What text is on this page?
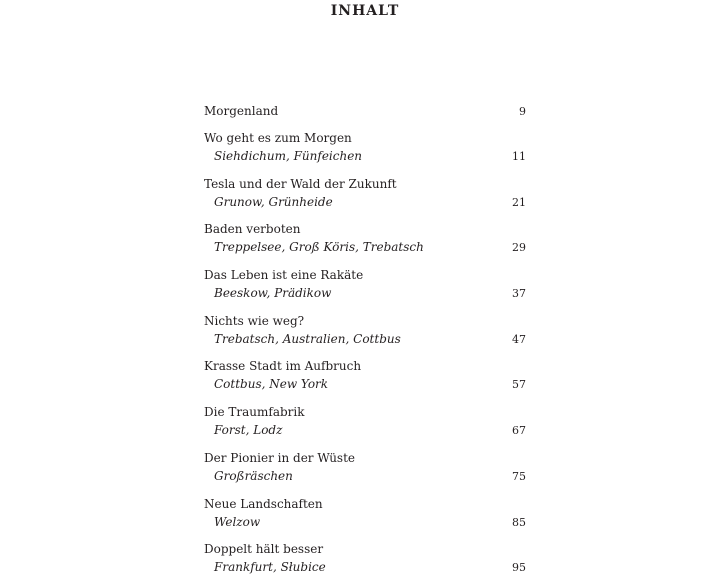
INHALT
Morgenland	9
Wo geht es zum Morgen
Siehdichum, Fünfeichen	11
Tesla und der Wald der Zukunft
Grunow, Grünheide	21
Baden verboten
Treppelsee, Groß Köris, Trebatsch	29
Das Leben ist eine Rakäte
Beeskow, Prädikow	37
Nichts wie weg?
Trebatsch, Australien, Cottbus	47
Krasse Stadt im Aufbruch
Cottbus, New York	57
Die Traumfabrik
Forst, Lodz	67
Der Pionier in der Wüste
Großräschen	75
Neue Landschaften
Welzow	85
Doppelt hält besser
Frankfurt, Słubice	95
